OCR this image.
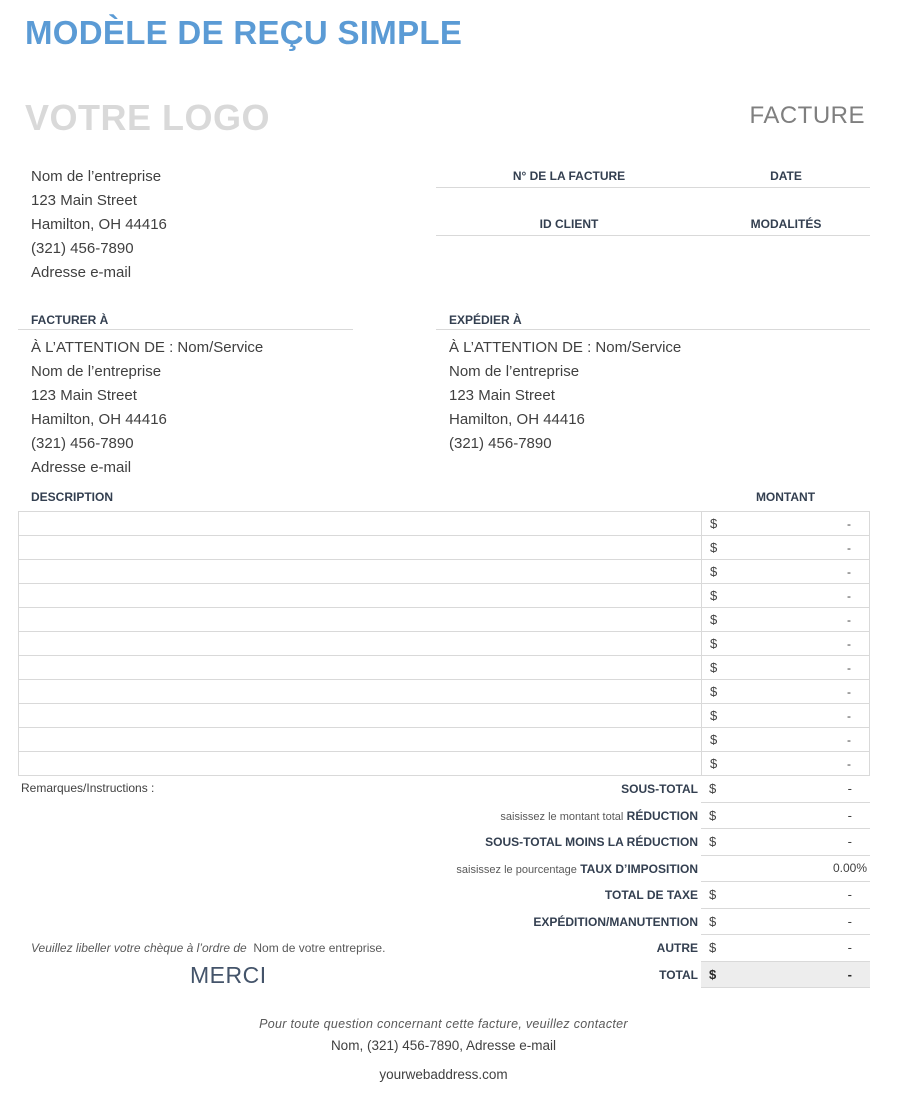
MODÈLE DE REÇU SIMPLE
VOTRE LOGO	FACTURE
Nom de l’entreprise
123 Main Street
Hamilton, OH 44416
(321) 456-7890
Adresse e-mail
N° DE LA FACTURE	DATE
ID CLIENT	MODALITÉS
FACTURER À
À L’ATTENTION DE : Nom/Service
Nom de l’entreprise
123 Main Street
Hamilton, OH 44416
(321) 456-7890
Adresse e-mail
EXPÉDIER À
À L’ATTENTION DE : Nom/Service
Nom de l’entreprise
123 Main Street
Hamilton, OH 44416
(321) 456-7890
DESCRIPTION	MONTANT
$	-
$	-
$	-
$	-
$	-
$	-
$	-
$	-
$	-
$	-
$	-
Remarques/Instructions :	SOUS-TOTAL $	-
saisissez le montant total RÉDUCTION $	-
SOUS-TOTAL MOINS LA RÉDUCTION $	-
saisissez le pourcentage TAUX D’IMPOSITION	0.00%
TOTAL DE TAXE $	-
EXPÉDITION/MANUTENTION $	-
AUTRE $	-
TOTAL $	-
Veuillez libeller votre chèque à l’ordre de Nom de votre entreprise.
MERCI
Pour toute question concernant cette facture, veuillez contacter
Nom, (321) 456-7890, Adresse e-mail
yourwebaddress.com
